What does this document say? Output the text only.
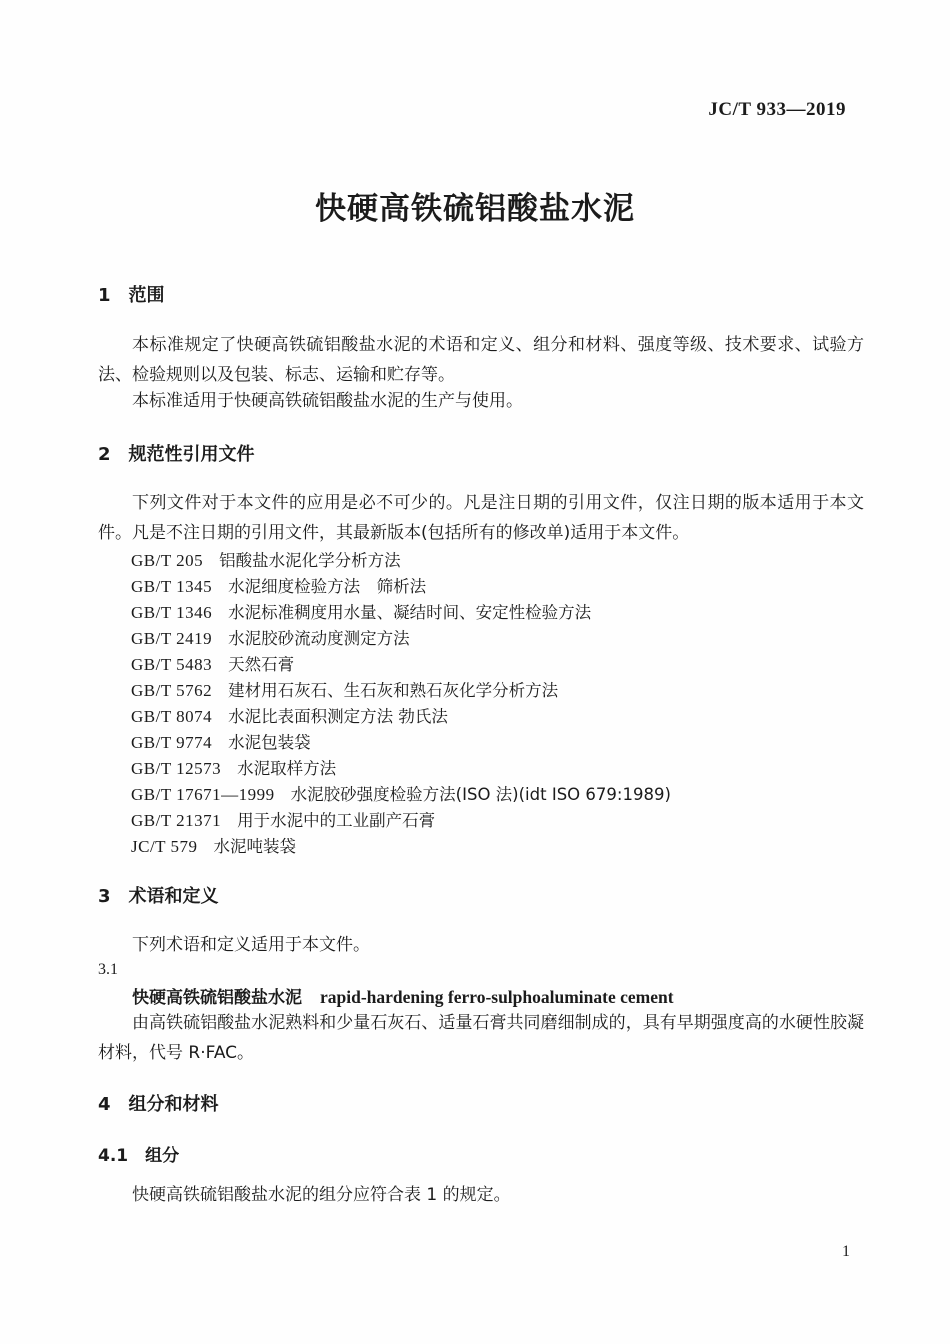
JC/T 933—2019
快硬高铁硫铝酸盐水泥
1　范围

本标准规定了快硬高铁硫铝酸盐水泥的术语和定义、组分和材料、强度等级、技术要求、试验方法、检验规则以及包装、标志、运输和贮存等。

本标准适用于快硬高铁硫铝酸盐水泥的生产与使用。

2　规范性引用文件

下列文件对于本文件的应用是必不可少的。凡是注日期的引用文件，仅注日期的版本适用于本文件。凡是不注日期的引用文件，其最新版本(包括所有的修改单)适用于本文件。

GB/T 205 铝酸盐水泥化学分析方法
GB/T 1345 水泥细度检验方法　筛析法
GB/T 1346 水泥标准稠度用水量、凝结时间、安定性检验方法
GB/T 2419 水泥胶砂流动度测定方法
GB/T 5483 天然石膏
GB/T 5762 建材用石灰石、生石灰和熟石灰化学分析方法
GB/T 8074 水泥比表面积测定方法 勃氏法
GB/T 9774 水泥包装袋
GB/T 12573 水泥取样方法
GB/T 17671—1999 水泥胶砂强度检验方法(ISO 法)(idt ISO 679:1989)
GB/T 21371 用于水泥中的工业副产石膏
JC/T 579 水泥吨装袋
3　术语和定义

下列术语和定义适用于本文件。

3.1

快硬高铁硫铝酸盐水泥 rapid-hardening ferro-sulphoaluminate cement

由高铁硫铝酸盐水泥熟料和少量石灰石、适量石膏共同磨细制成的，具有早期强度高的水硬性胶凝材料，代号 R·FAC。

4　组分和材料
4.1　组分

快硬高铁硫铝酸盐水泥的组分应符合表 1 的规定。

1
